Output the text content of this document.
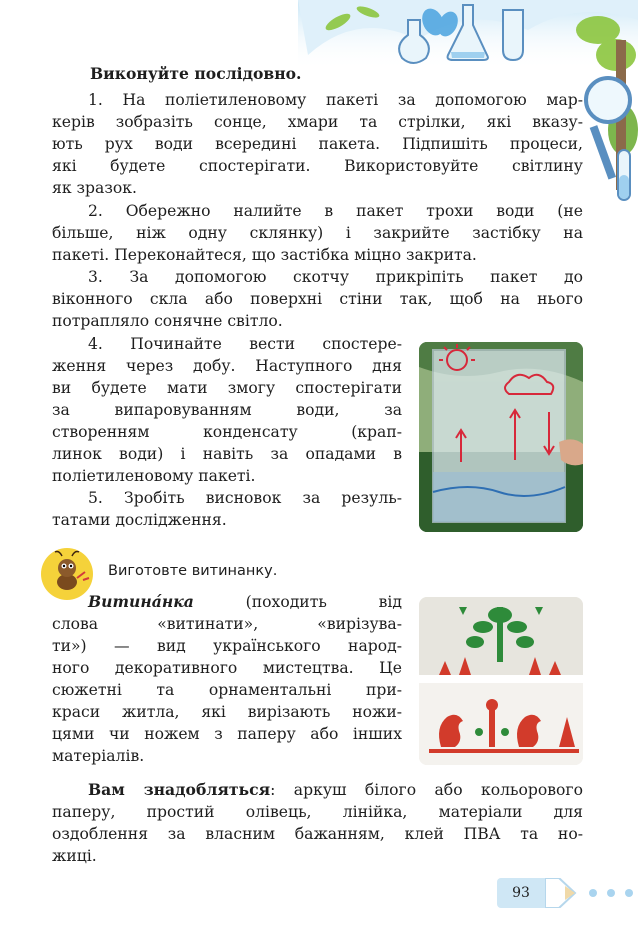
Виконуйте послідовно.

1. На поліетиленовому пакеті за допомогою мар-

керів зобразіть сонце, хмари та стрілки, які вказу-

ють рух води всередині пакета. Підпишіть процеси,

які будете спостерігати. Використовуйте світлину

як зразок.

2. Обережно налийте в пакет трохи води (не

більше, ніж одну склянку) і закрийте застібку на

пакеті. Переконайтеся, що застібка міцно закрита.

3. За допомогою скотчу прикріпіть пакет до

віконного скла або поверхні стіни так, щоб на нього

потрапляло сонячне світло.

4. Починайте вести спостере-

ження через добу. Наступного дня

ви будете мати змогу спостерігати

за випаровуванням води, за

створенням конденсату (крап-

линок води) і навіть за опадами в

поліетиленовому пакеті.

5. Зробіть висновок за резуль-

татами дослідження.

Виготовте витинанку.

Витина́нка (походить від

слова «витинати», «вирізува-

ти») — вид українського народ-

ного декоративного мистецтва. Це

сюжетні та орнаментальні при-

краси житла, які вирізають ножи-

цями чи ножем з паперу або інших

матеріалів.

Вам знадобляться: аркуш білого або кольорового

паперу, простий олівець, лінійка, матеріали для

оздоблення за власним бажанням, клей ПВА та но-

жиці.

93
